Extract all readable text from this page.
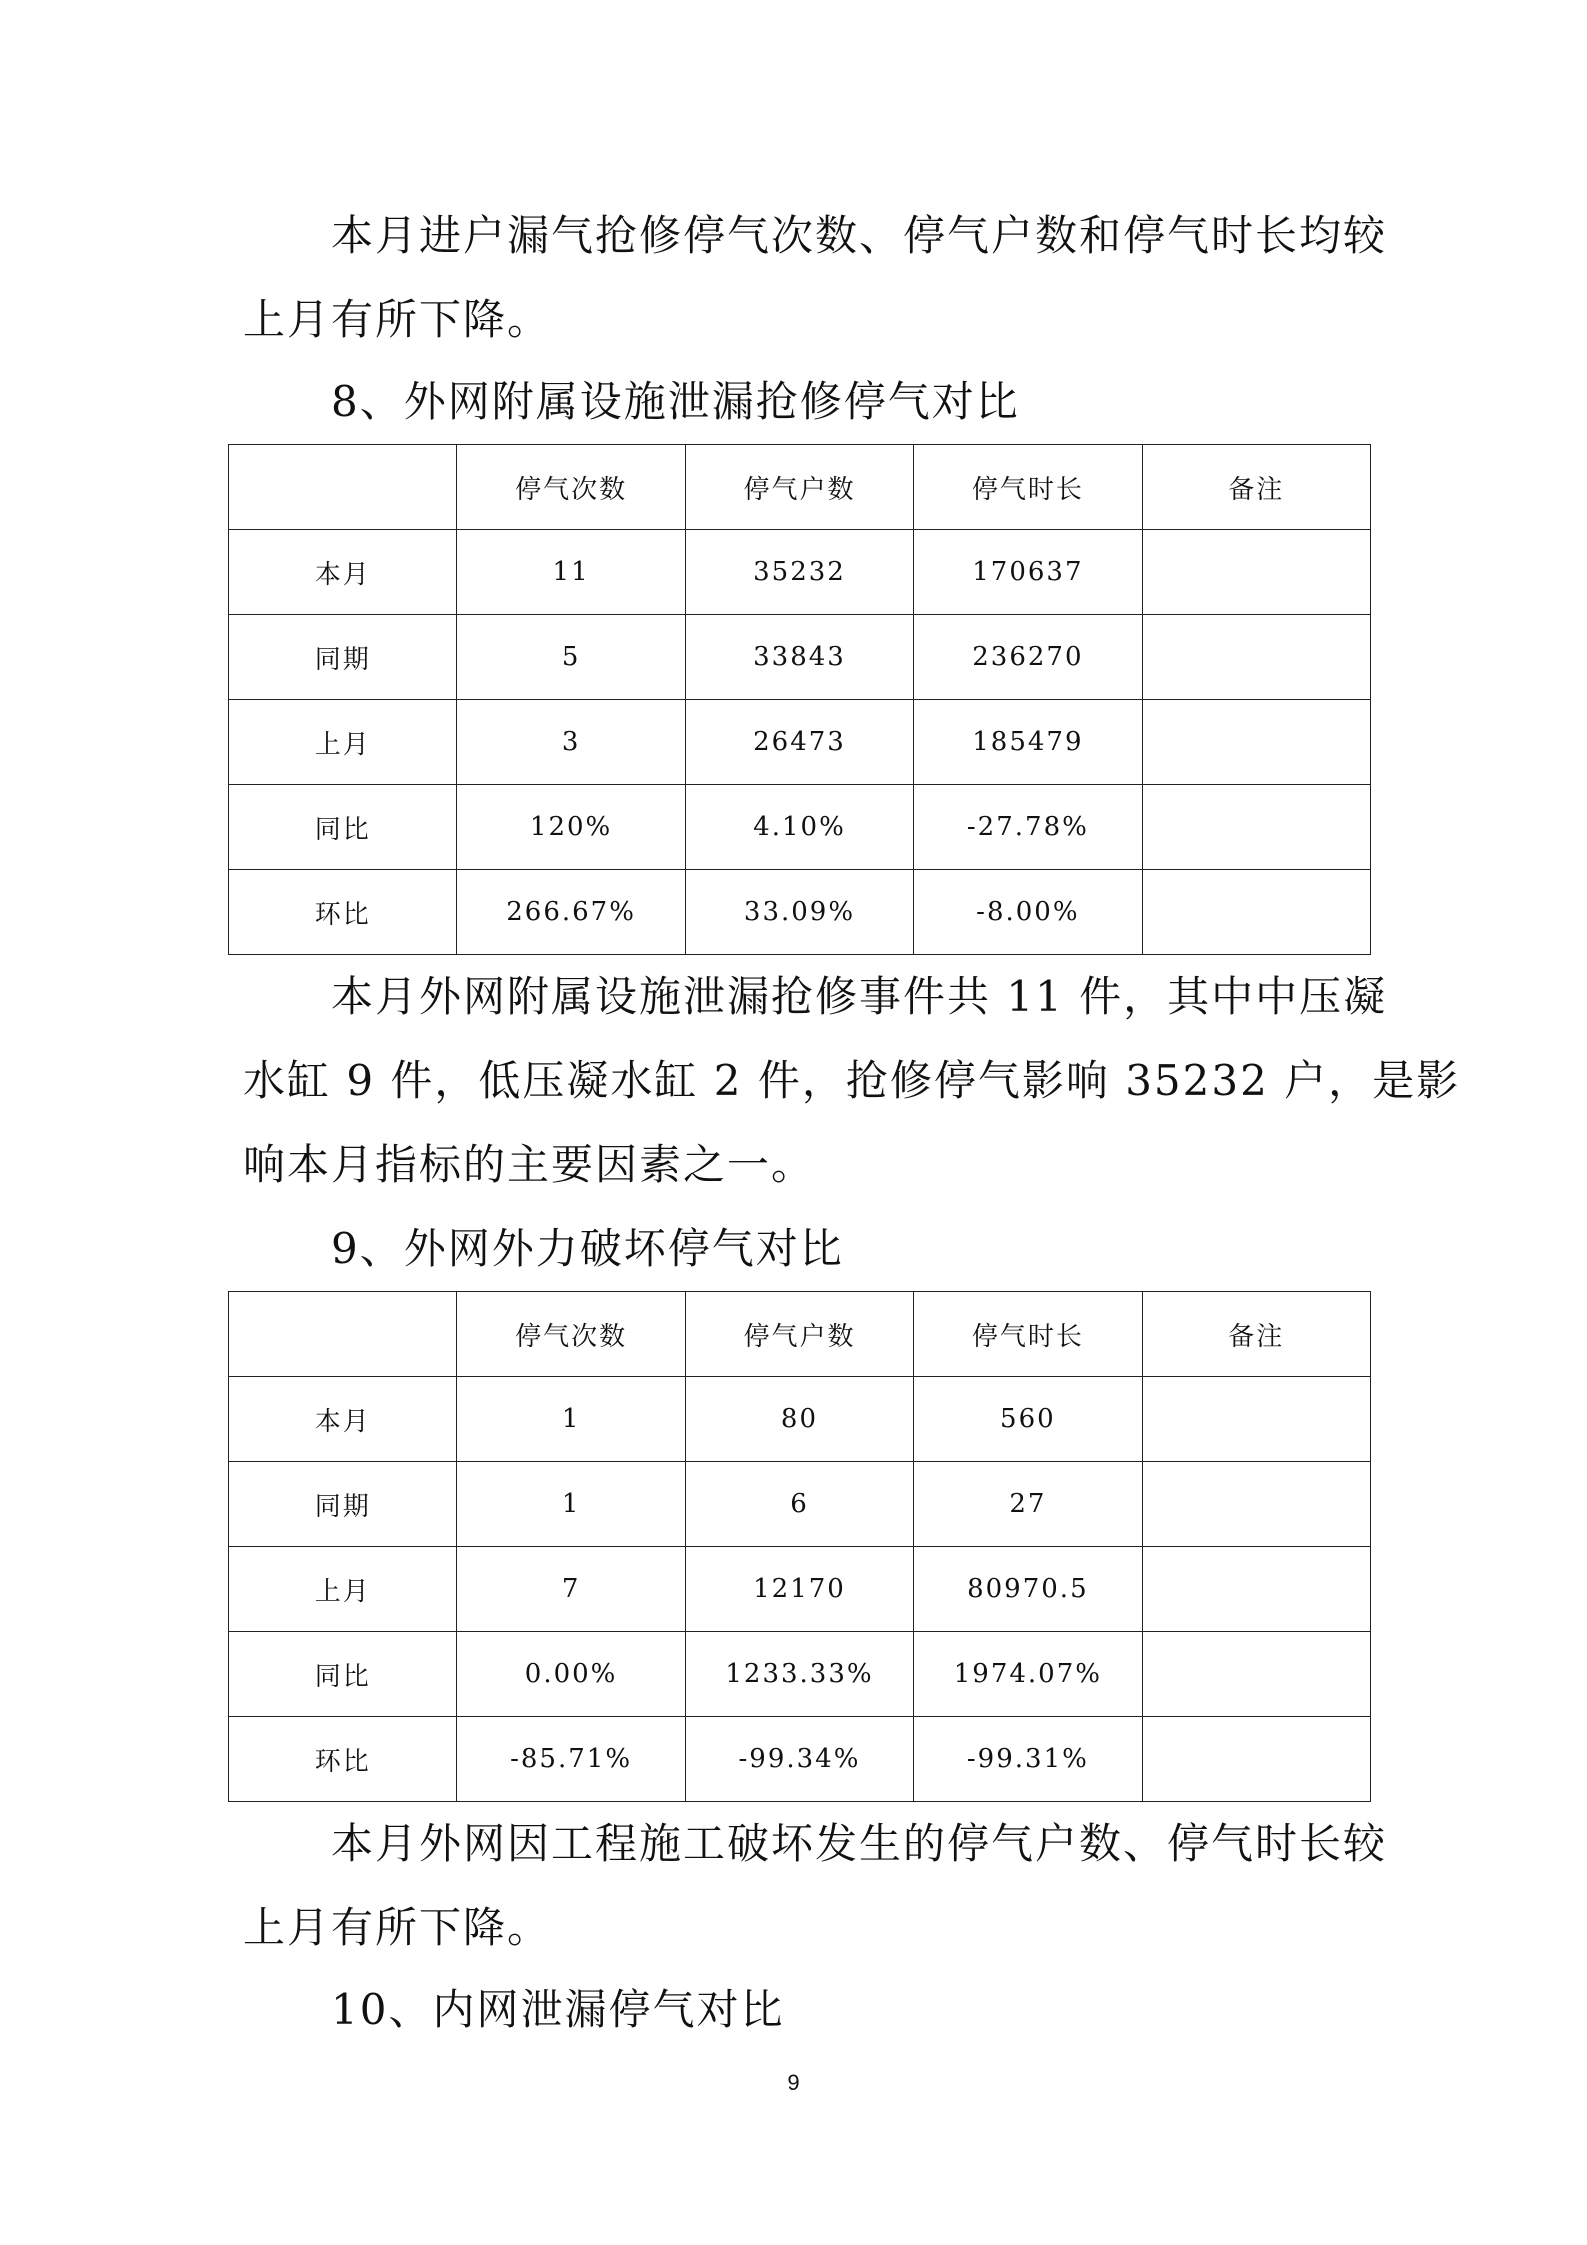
本月进户漏气抢修停气次数、停气户数和停气时长均较
上月有所下降。
8、外网附属设施泄漏抢修停气对比
	停气次数	停气户数	停气时长	备注
本月	11	35232	170637	
同期	5	33843	236270	
上月	3	26473	185479	
同比	120%	4.10%	-27.78%	
环比	266.67%	33.09%	-8.00%	
本月外网附属设施泄漏抢修事件共 11 件，其中中压凝
水缸 9 件，低压凝水缸 2 件，抢修停气影响 35232 户，是影
响本月指标的主要因素之一。
9、外网外力破坏停气对比
	停气次数	停气户数	停气时长	备注
本月	1	80	560	
同期	1	6	27	
上月	7	12170	80970.5	
同比	0.00%	1233.33%	1974.07%	
环比	-85.71%	-99.34%	-99.31%	
本月外网因工程施工破坏发生的停气户数、停气时长较
上月有所下降。
10、内网泄漏停气对比
9
